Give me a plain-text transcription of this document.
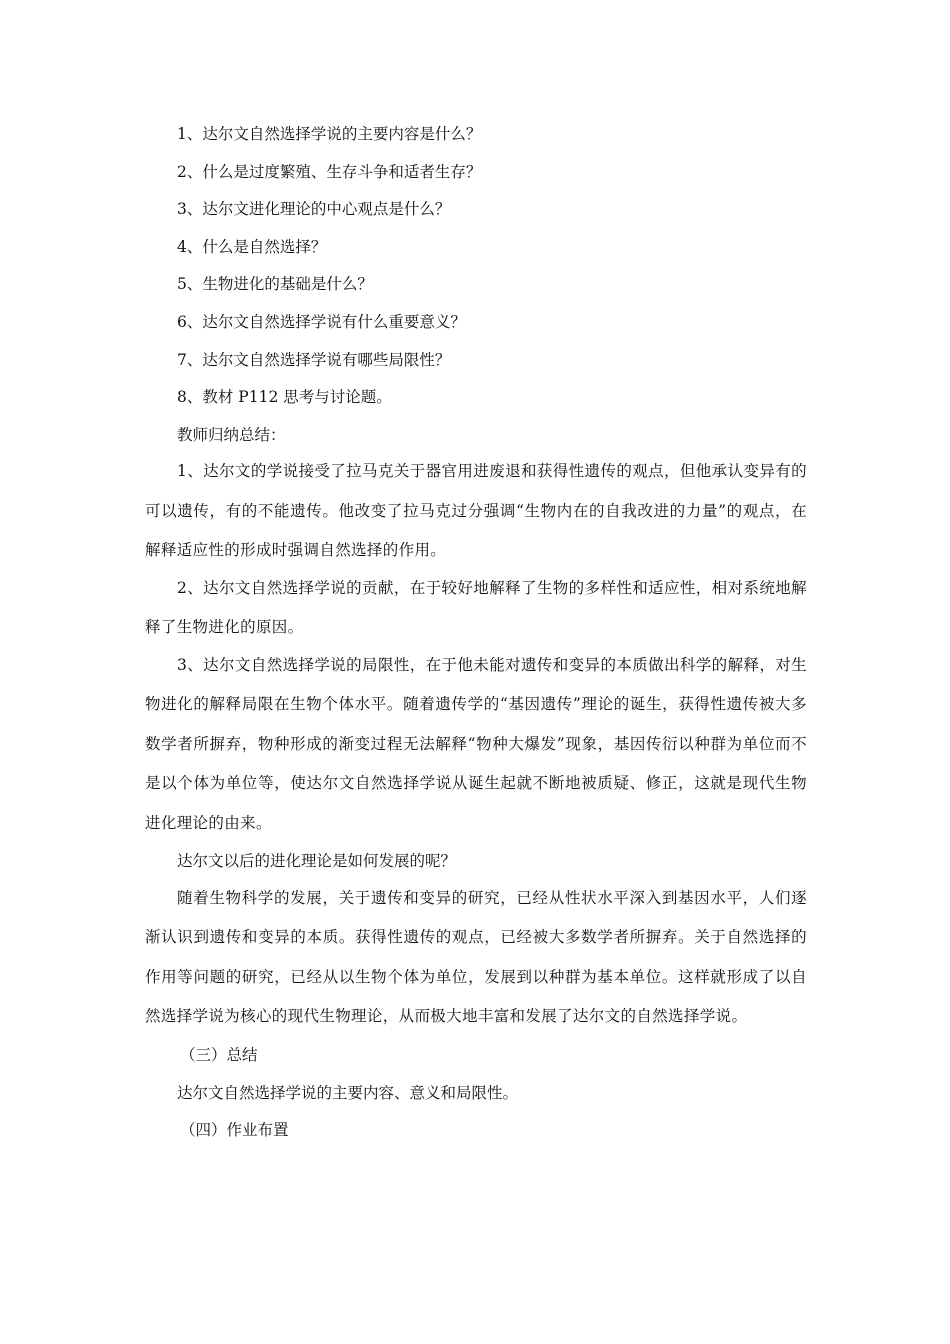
1、达尔文自然选择学说的主要内容是什么？
2、什么是过度繁殖、生存斗争和适者生存？
3、达尔文进化理论的中心观点是什么？
4、什么是自然选择？
5、生物进化的基础是什么？
6、达尔文自然选择学说有什么重要意义？
7、达尔文自然选择学说有哪些局限性？
8、教材 P112 思考与讨论题。
教师归纳总结：

1、达尔文的学说接受了拉马克关于器官用进废退和获得性遗传的观点，但他承认变异有的可以遗传，有的不能遗传。他改变了拉马克过分强调“生物内在的自我改进的力量”的观点，在解释适应性的形成时强调自然选择的作用。

2、达尔文自然选择学说的贡献，在于较好地解释了生物的多样性和适应性，相对系统地解释了生物进化的原因。

3、达尔文自然选择学说的局限性，在于他未能对遗传和变异的本质做出科学的解释，对生物进化的解释局限在生物个体水平。随着遗传学的“基因遗传”理论的诞生，获得性遗传被大多数学者所摒弃，物种形成的渐变过程无法解释“物种大爆发”现象，基因传衍以种群为单位而不是以个体为单位等，使达尔文自然选择学说从诞生起就不断地被质疑、修正，这就是现代生物进化理论的由来。

达尔文以后的进化理论是如何发展的呢？

随着生物科学的发展，关于遗传和变异的研究，已经从性状水平深入到基因水平，人们逐渐认识到遗传和变异的本质。获得性遗传的观点，已经被大多数学者所摒弃。关于自然选择的作用等问题的研究，已经从以生物个体为单位，发展到以种群为基本单位。这样就形成了以自然选择学说为核心的现代生物理论，从而极大地丰富和发展了达尔文的自然选择学说。

（三）总结
达尔文自然选择学说的主要内容、意义和局限性。
（四）作业布置
